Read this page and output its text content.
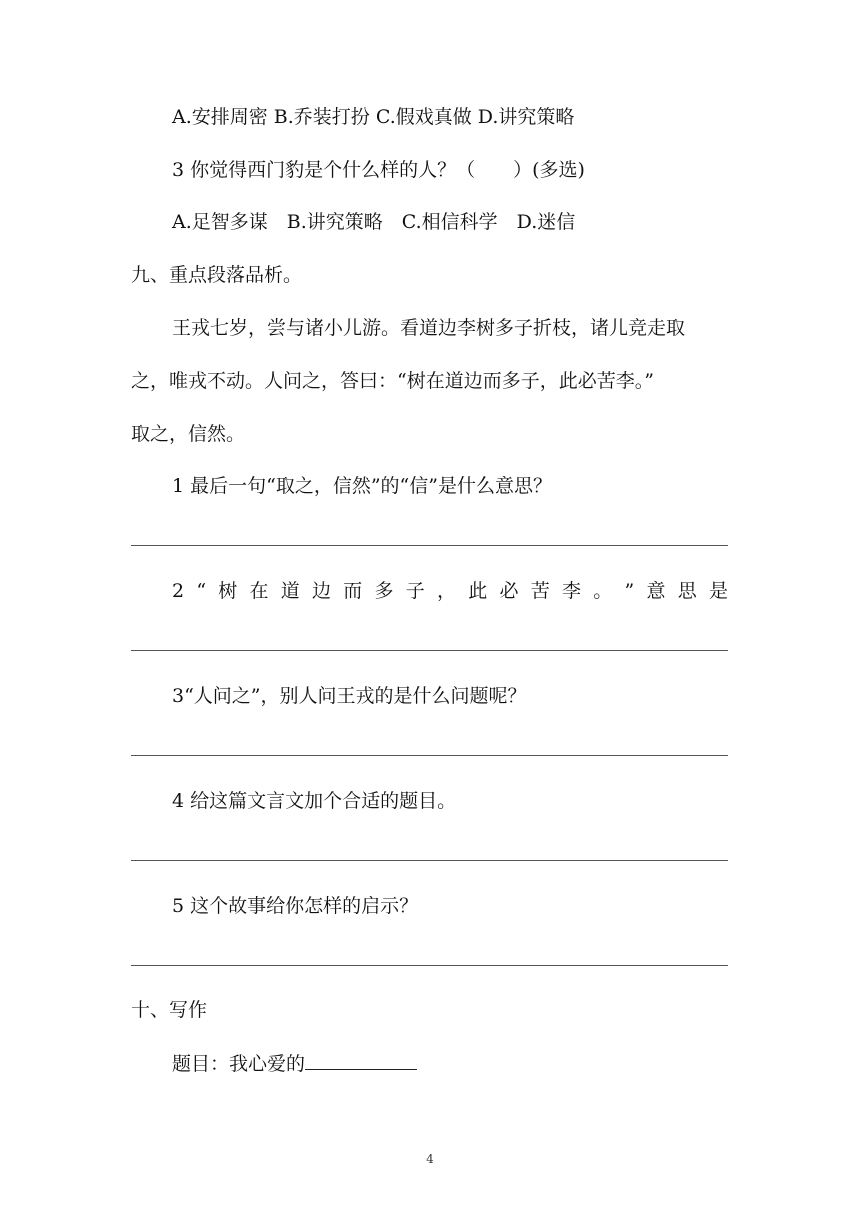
A.安排周密 B.乔装打扮 C.假戏真做 D.讲究策略

3 你觉得西门豹是个什么样的人？（　　）(多选)

A.足智多谋　B.讲究策略　C.相信科学　D.迷信

九、重点段落品析。

王戎七岁，尝与诸小儿游。看道边李树多子折枝，诸儿竞走取

之，唯戎不动。人问之，答曰：“树在道边而多子，此必苦李。”

取之，信然。

1 最后一句“取之，信然”的“信”是什么意思？

2 “ 树 在 道 边 而 多 子 ， 此 必 苦 李 。 ” 意 思 是

3“人问之”，别人问王戎的是什么问题呢？

4 给这篇文言文加个合适的题目。

5 这个故事给你怎样的启示？

十、写作

题目：我心爱的

4
